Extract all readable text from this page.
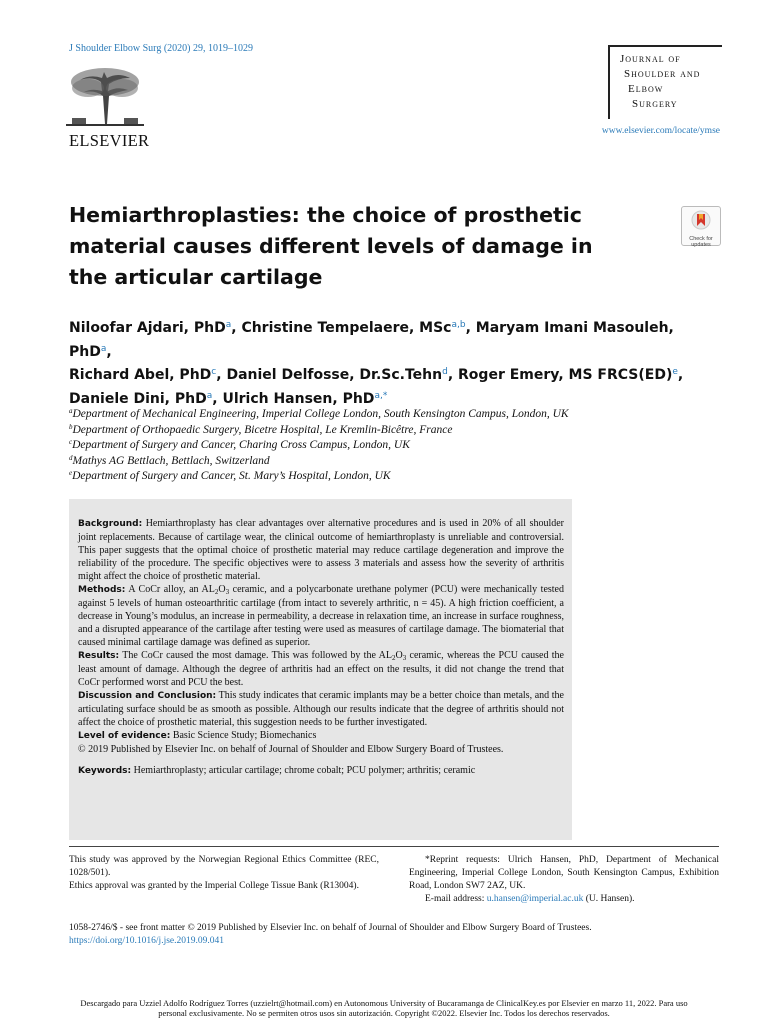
J Shoulder Elbow Surg (2020) 29, 1019–1029
ELSEVIER
Journal of
Shoulder and
Elbow
Surgery
www.elsevier.com/locate/ymse
Hemiarthroplasties: the choice of prosthetic material causes different levels of damage in the articular cartilage
Check for updates
Niloofar Ajdari, PhD$^a$, Christine Tempelaere, MSc$^{a,b}$, Maryam Imani Masouleh, PhD$^a$,
Richard Abel, PhD$^c$, Daniel Delfosse, Dr.Sc.Tehn$^d$, Roger Emery, MS FRCS(ED)$^e$,
Daniele Dini, PhD$^a$, Ulrich Hansen, PhD$^{a,*}$
$^a$Department of Mechanical Engineering, Imperial College London, South Kensington Campus, London, UK
$^b$Department of Orthopaedic Surgery, Bicetre Hospital, Le Kremlin-Bicêtre, France
$^c$Department of Surgery and Cancer, Charing Cross Campus, London, UK
$^d$Mathys AG Bettlach, Bettlach, Switzerland
$^e$Department of Surgery and Cancer, St. Mary’s Hospital, London, UK

Background: Hemiarthroplasty has clear advantages over alternative procedures and is used in 20% of all shoulder joint replacements. Because of cartilage wear, the clinical outcome of hemiarthroplasty is unreliable and controversial. This paper suggests that the optimal choice of prosthetic material may reduce cartilage degeneration and improve the reliability of the procedure. The specific objectives were to assess 3 materials and assess how the severity of arthritis might affect the choice of prosthetic material.

Methods: A CoCr alloy, an $AL_2O_3$ ceramic, and a polycarbonate urethane polymer (PCU) were mechanically tested against 5 levels of human osteoarthritic cartilage (from intact to severely arthritic, n = 45). A high friction coefficient, a decrease in Young’s modulus, an increase in permeability, a decrease in relaxation time, an increase in surface roughness, and a disrupted appearance of the cartilage after testing were used as measures of cartilage damage. The biomaterial that caused minimal cartilage damage was defined as superior.

Results: The CoCr caused the most damage. This was followed by the $AL_2O_3$ ceramic, whereas the PCU caused the least amount of damage. Although the degree of arthritis had an effect on the results, it did not change the trend that CoCr performed worst and PCU the best.

Discussion and Conclusion: This study indicates that ceramic implants may be a better choice than metals, and the articulating surface should be as smooth as possible. Although our results indicate that the degree of arthritis should not affect the choice of prosthetic material, this suggestion needs to be further investigated.

Level of evidence: Basic Science Study; Biomechanics

© 2019 Published by Elsevier Inc. on behalf of Journal of Shoulder and Elbow Surgery Board of Trustees.

Keywords: Hemiarthroplasty; articular cartilage; chrome cobalt; PCU polymer; arthritis; ceramic

This study was approved by the Norwegian Regional Ethics Committee (REC, 1028/501).

Ethics approval was granted by the Imperial College Tissue Bank (R13004).

*Reprint requests: Ulrich Hansen, PhD, Department of Mechanical Engineering, Imperial College London, South Kensington Campus, Exhibition Road, London SW7 2AZ, UK.

E-mail address: u.hansen@imperial.ac.uk (U. Hansen).

1058-2746/$ - see front matter © 2019 Published by Elsevier Inc. on behalf of Journal of Shoulder and Elbow Surgery Board of Trustees.
https://doi.org/10.1016/j.jse.2019.09.041
Descargado para Uzziel Adolfo Rodríguez Torres (uzzielrt@hotmail.com) en Autonomous University of Bucaramanga de ClinicalKey.es por Elsevier en marzo 11, 2022. Para uso personal exclusivamente. No se permiten otros usos sin autorización. Copyright ©2022. Elsevier Inc. Todos los derechos reservados.
